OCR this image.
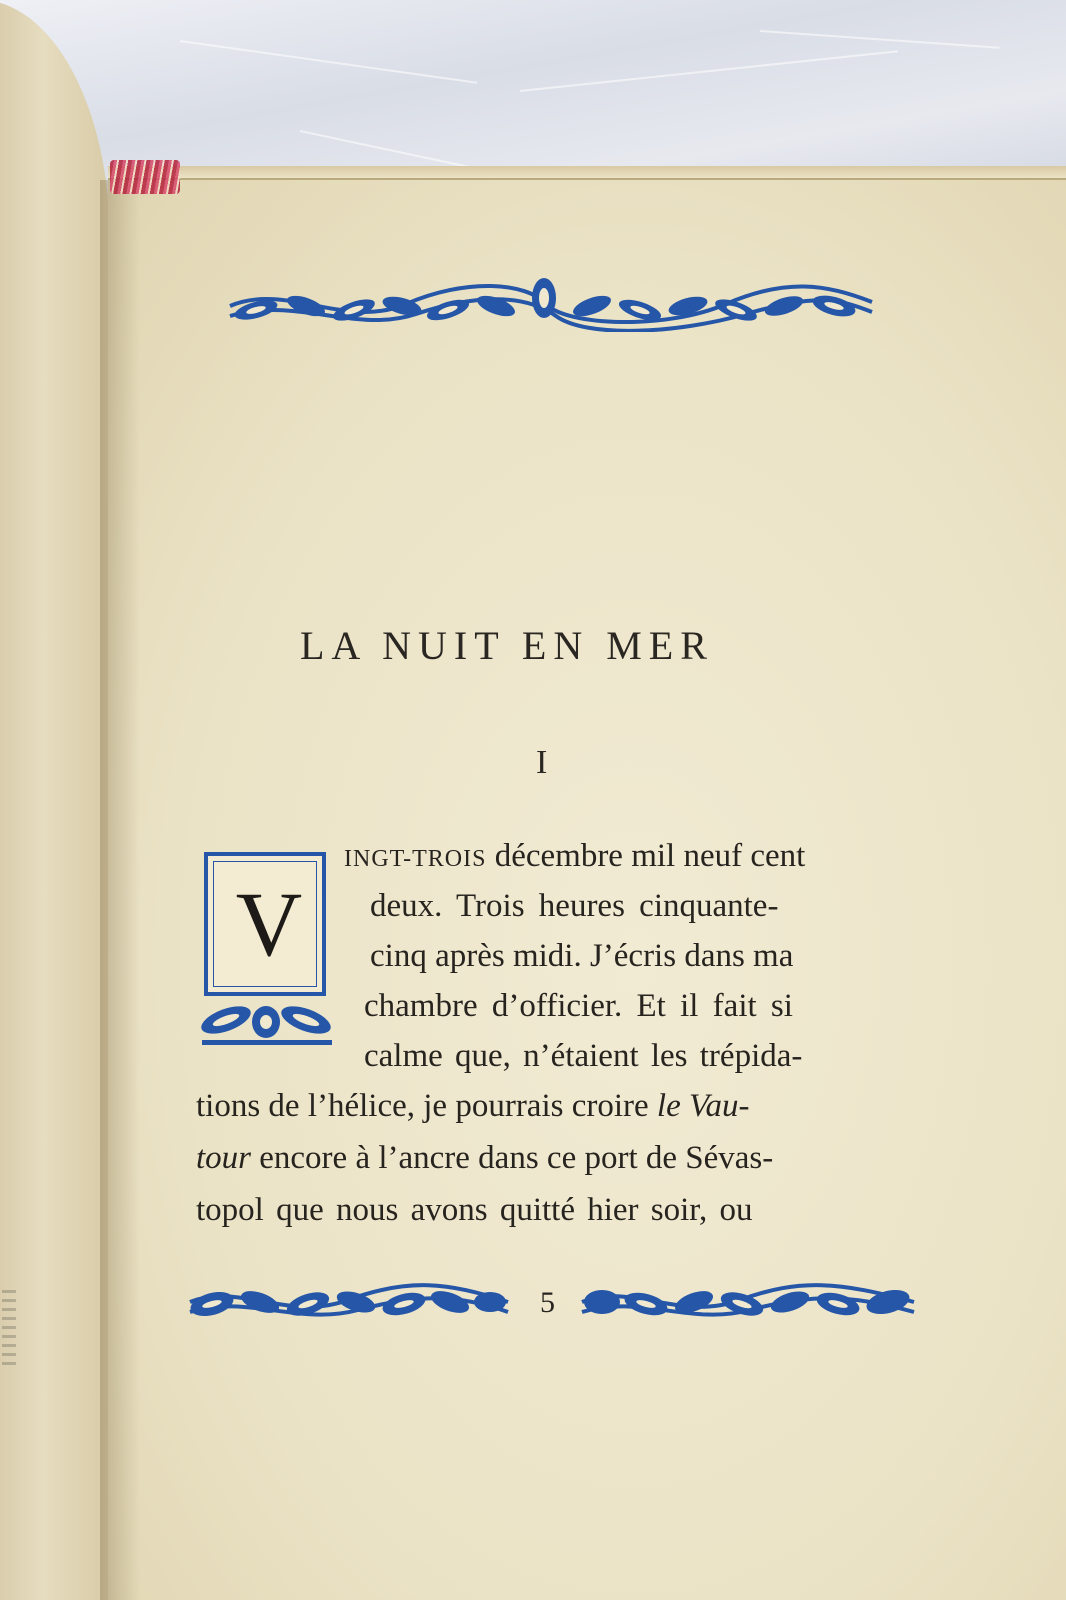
LA NUIT EN MER
I
V
INGT-TROIS décembre mil neuf cent
deux. Trois heures cinquante-
cinq après midi. J’écris dans ma
chambre d’officier. Et il fait si
calme que, n’étaient les trépida-
tions de l’hélice, je pourrais croire le Vau-
tour encore à l’ancre dans ce port de Sévas-
topol que nous avons quitté hier soir, ou
5
